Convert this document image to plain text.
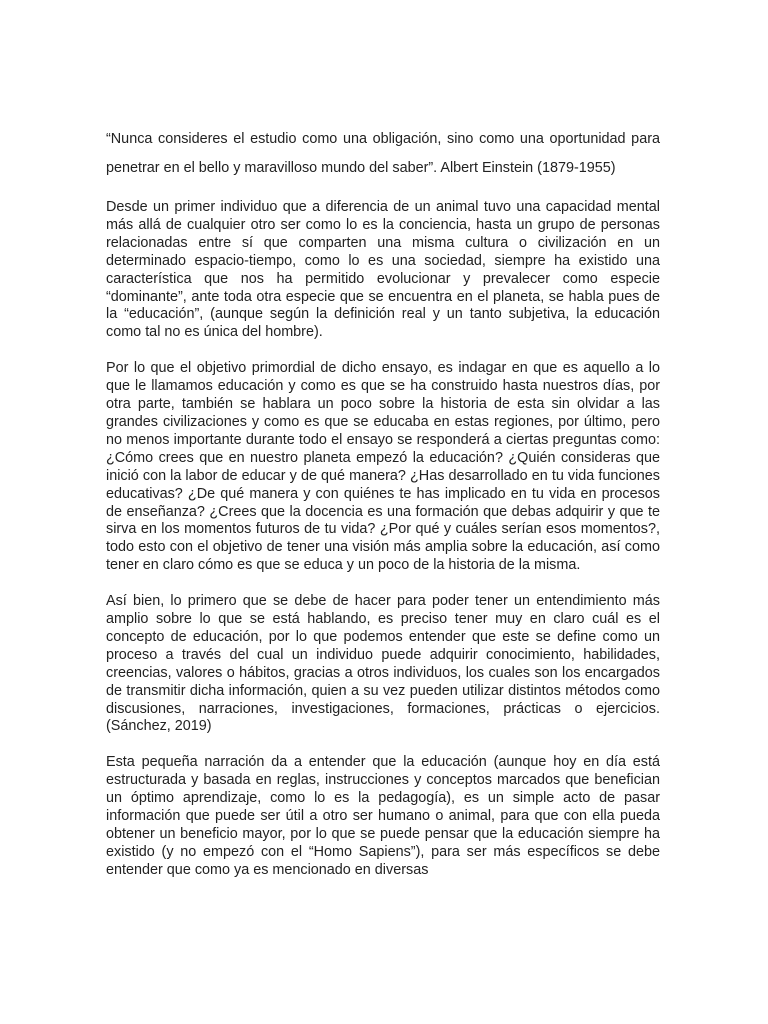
“Nunca consideres el estudio como una obligación, sino como una oportunidad para penetrar en el bello y maravilloso mundo del saber”. Albert Einstein (1879-1955)

Desde un primer individuo que a diferencia de un animal tuvo una capacidad mental más allá de cualquier otro ser como lo es la conciencia, hasta un grupo de personas relacionadas entre sí que comparten una misma cultura o civilización en un determinado espacio-tiempo, como lo es una sociedad, siempre ha existido una característica que nos ha permitido evolucionar y prevalecer como especie “dominante”, ante toda otra especie que se encuentra en el planeta, se habla pues de la “educación”, (aunque según la definición real y un tanto subjetiva, la educación como tal no es única del hombre).

Por lo que el objetivo primordial de dicho ensayo, es indagar en que es aquello a lo que le llamamos educación y como es que se ha construido hasta nuestros días, por otra parte, también se hablara un poco sobre la historia de esta sin olvidar a las grandes civilizaciones y como es que se educaba en estas regiones, por último, pero no menos importante durante todo el ensayo se responderá a ciertas preguntas como: ¿Cómo crees que en nuestro planeta empezó la educación? ¿Quién consideras que inició con la labor de educar y de qué manera? ¿Has desarrollado en tu vida funciones educativas? ¿De qué manera y con quiénes te has implicado en tu vida en procesos de enseñanza? ¿Crees que la docencia es una formación que debas adquirir y que te sirva en los momentos futuros de tu vida? ¿Por qué y cuáles serían esos momentos?, todo esto con el objetivo de tener una visión más amplia sobre la educación, así como tener en claro cómo es que se educa y un poco de la historia de la misma.

Así bien, lo primero que se debe de hacer para poder tener un entendimiento más amplio sobre lo que se está hablando, es preciso tener muy en claro cuál es el concepto de educación, por lo que podemos entender que este se define como un proceso a través del cual un individuo puede adquirir conocimiento, habilidades, creencias, valores o hábitos, gracias a otros individuos, los cuales son los encargados de transmitir dicha información, quien a su vez pueden utilizar distintos métodos como discusiones, narraciones, investigaciones, formaciones, prácticas o ejercicios. (Sánchez, 2019)

Esta pequeña narración da a entender que la educación (aunque hoy en día está estructurada y basada en reglas, instrucciones y conceptos marcados que benefician un óptimo aprendizaje, como lo es la pedagogía), es un simple acto de pasar información que puede ser útil a otro ser humano o animal, para que con ella pueda obtener un beneficio mayor, por lo que se puede pensar que la educación siempre ha existido (y no empezó con el “Homo Sapiens”), para ser más específicos se debe entender que como ya es mencionado en diversas
